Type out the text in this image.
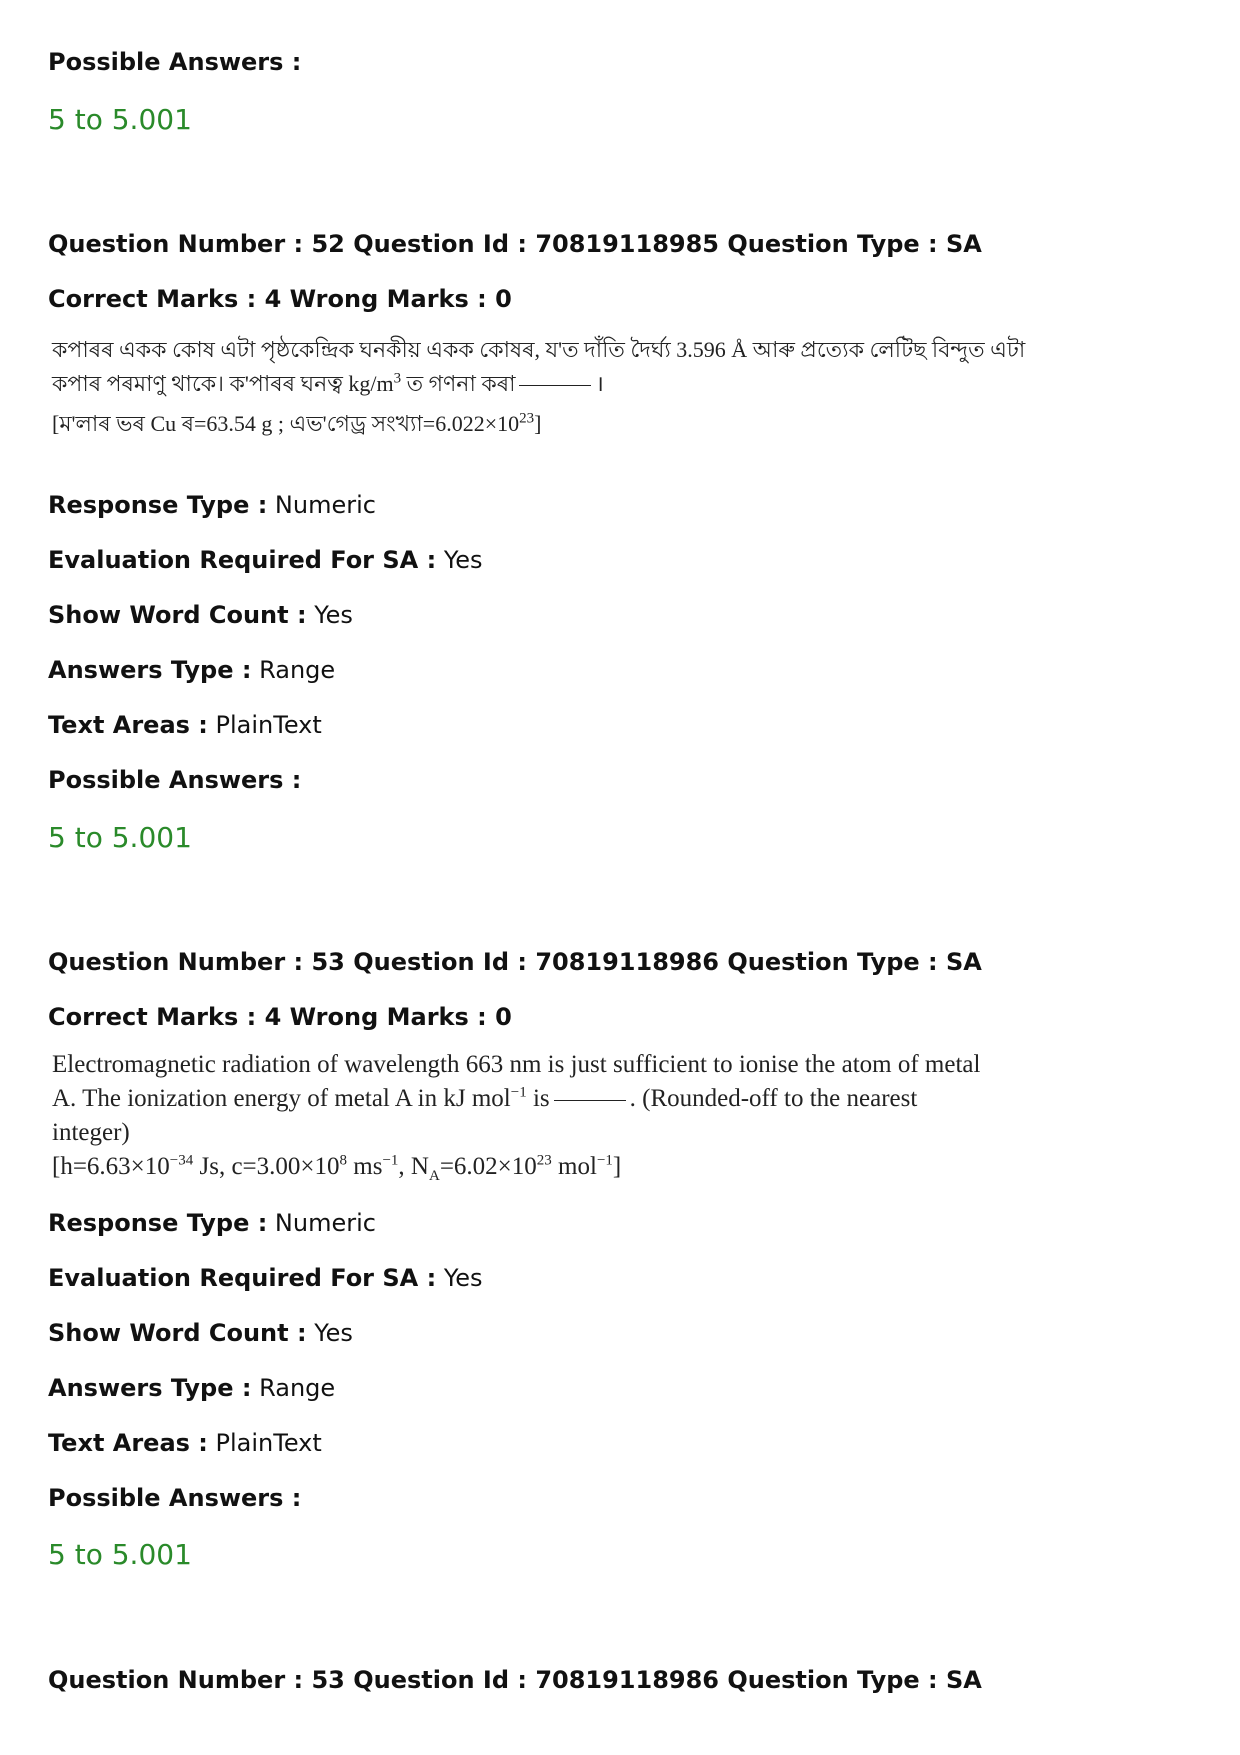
Possible Answers :
5 to 5.001
Question Number : 52 Question Id : 70819118985 Question Type : SA
Correct Marks : 4 Wrong Marks : 0
কপাৰৰ একক কোষ এটা পৃষ্ঠকেন্দ্ৰিক ঘনকীয় একক কোষৰ, য'ত দাঁতি দৈৰ্ঘ্য 3.596 Å আৰু প্ৰত্যেক লেটিছ বিন্দুত এটা
কপাৰ পৰমাণু থাকে। ক'পাৰৰ ঘনত্ব $kg/m^3$ ত গণনা কৰা	।
[ম'লাৰ ভৰ Cu ৰ=63.54 g ; এভ'গেড্ৰ $সংখ্যা=6.022\times 10^{23}$]
Response Type : Numeric
Evaluation Required For SA : Yes
Show Word Count : Yes
Answers Type : Range
Text Areas : PlainText
Possible Answers :
5 to 5.001
Question Number : 53 Question Id : 70819118986 Question Type : SA
Correct Marks : 4 Wrong Marks : 0
Electromagnetic radiation of wavelength 663 nm is just sufficient to ionise the atom of metal
A. The ionization energy of metal A in kJ mol$^{-1}$ is	. (Rounded-off to the nearest
integer)
[$h=6.63\times 10^{-34}$ Js, $c=3.00\times 10^8$ $ms^{-1}$, $N_A=6.02\times 10^{23}$ mol$^{-1}$]
Response Type : Numeric
Evaluation Required For SA : Yes
Show Word Count : Yes
Answers Type : Range
Text Areas : PlainText
Possible Answers :
5 to 5.001
Question Number : 53 Question Id : 70819118986 Question Type : SA
